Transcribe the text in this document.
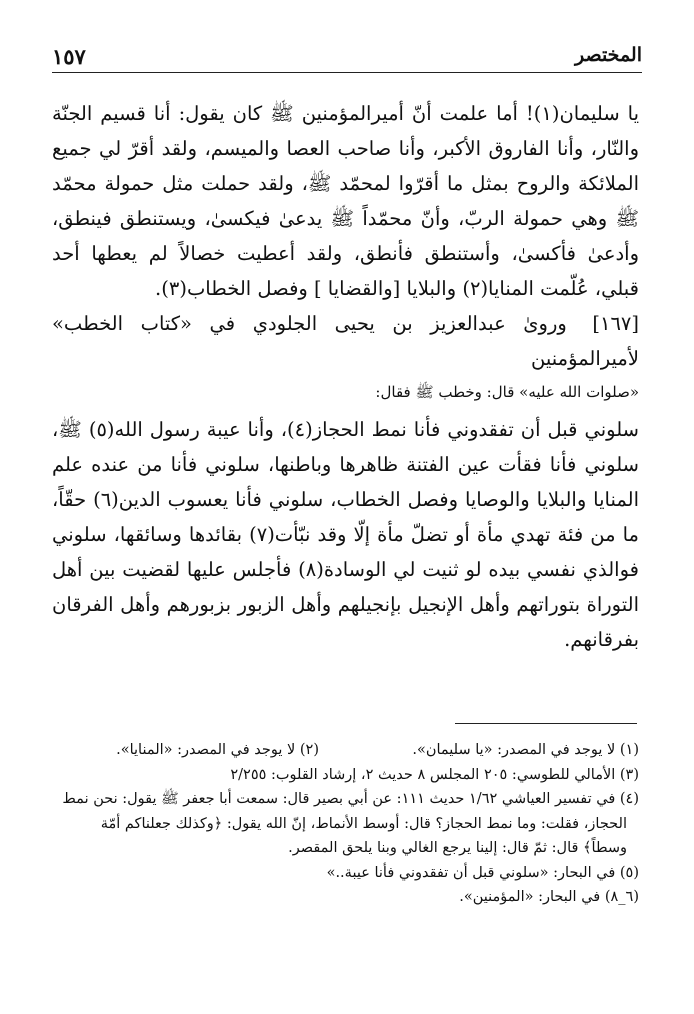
المختصر
١٥٧

يا سليمان(١)! أما علمت أنّ أميرالمؤمنين ﷺ كان يقول: أنا قسيم الجنّة والنّار، وأنا الفاروق الأكبر، وأنا صاحب العصا والميسم، ولقد أقرّ لي جميع الملائكة والروح بمثل ما أقرّوا لمحمّد ﷺ، ولقد حملت مثل حمولة محمّد ﷺ وهي حمولة الربّ، وأنّ محمّداً ﷺ يدعىٰ فيكسىٰ، ويستنطق فينطق، وأدعىٰ فأكسىٰ، وأستنطق فأنطق، ولقد أعطيت خصالاً لم يعطها أحد قبلي، عُلّمت المنايا(٢) والبلايا [والقضايا ] وفصل الخطاب(٣).

[١٦٧] وروىٰ عبدالعزيز بن يحيى الجلودي في «كتاب الخطب» لأميرالمؤمنين

«صلوات الله عليه» قال: وخطب ﷺ فقال:

سلوني قبل أن تفقدوني فأنا نمط الحجاز(٤)، وأنا عيبة رسول الله(٥) ﷺ، سلوني فأنا فقأت عين الفتنة ظاهرها وباطنها، سلوني فأنا من عنده علم المنايا والبلايا والوصايا وفصل الخطاب، سلوني فأنا يعسوب الدين(٦) حقّاً، ما من فئة تهدي مأة أو تضلّ مأة إلّا وقد نبّأت(٧) بقائدها وسائقها، سلوني فوالذي نفسي بيده لو ثنيت لي الوسادة(٨) فأجلس عليها لقضيت بين أهل التوراة بتوراتهم وأهل الإنجيل بإنجيلهم وأهل الزبور بزبورهم وأهل الفرقان بفرقانهم.

(١) لا يوجد في المصدر: «يا سليمان».(٢) لا يوجد في المصدر: «المنايا».

(٣) الأمالي للطوسي: ٢٠٥ المجلس ٨ حديث ٢، إرشاد القلوب: ٢/٢٥٥

(٤) في تفسير العياشي ١/٦٢ حديث ١١١: عن أبي بصير قال: سمعت أبا جعفر ﷺ يقول: نحن نمط

الحجاز، فقلت: وما نمط الحجاز؟ قال: أوسط الأنماط، إنّ الله يقول: ﴿وكذلك جعلناكم أمّة

وسطاً﴾ قال: ثمّ قال: إلينا يرجع الغالي وبنا يلحق المقصر.

(٥) في البحار: «سلوني قبل أن تفقدوني فأنا عيبة..»

(٦_٨) في البحار: «المؤمنين».
